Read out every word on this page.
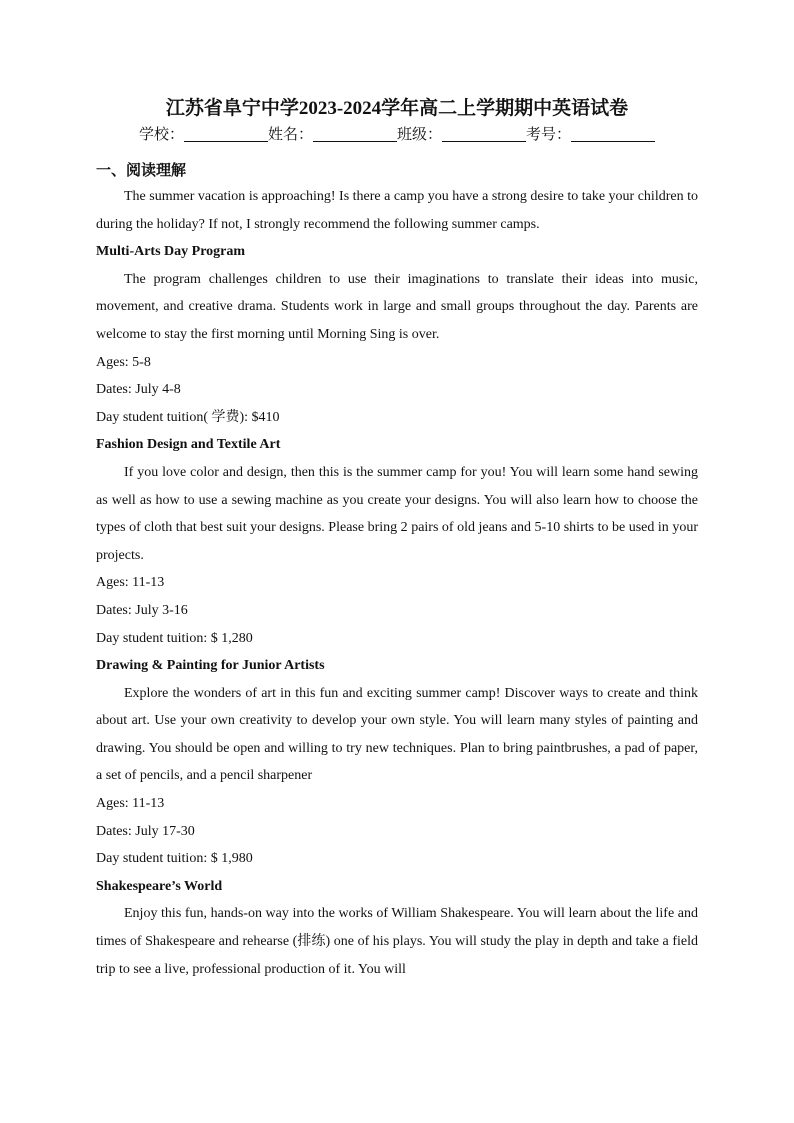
江苏省阜宁中学2023-2024学年高二上学期期中英语试卷
学校：	姓名：	班级：	考号：
一、阅读理解

The summer vacation is approaching! Is there a camp you have a strong desire to take your children to during the holiday? If not, I strongly recommend the following summer camps.

Multi-Arts Day Program

The program challenges children to use their imaginations to translate their ideas into music, movement, and creative drama. Students work in large and small groups throughout the day. Parents are welcome to stay the first morning until Morning Sing is over.

Ages: 5-8

Dates: July 4-8

Day student tuition( 学费): $410

Fashion Design and Textile Art

If you love color and design, then this is the summer camp for you! You will learn some hand sewing as well as how to use a sewing machine as you create your designs. You will also learn how to choose the types of cloth that best suit your designs. Please bring 2 pairs of old jeans and 5-10 shirts to be used in your projects.

Ages: 11-13

Dates: July 3-16

Day student tuition: $ 1,280

Drawing & Painting for Junior Artists

Explore the wonders of art in this fun and exciting summer camp! Discover ways to create and think about art. Use your own creativity to develop your own style. You will learn many styles of painting and drawing. You should be open and willing to try new techniques. Plan to bring paintbrushes, a pad of paper, a set of pencils, and a pencil sharpener

Ages: 11-13

Dates: July 17-30

Day student tuition: $ 1,980

Shakespeare’s World

Enjoy this fun, hands-on way into the works of William Shakespeare. You will learn about the life and times of Shakespeare and rehearse (排练) one of his plays. You will study the play in depth and take a field trip to see a live, professional production of it. You will
